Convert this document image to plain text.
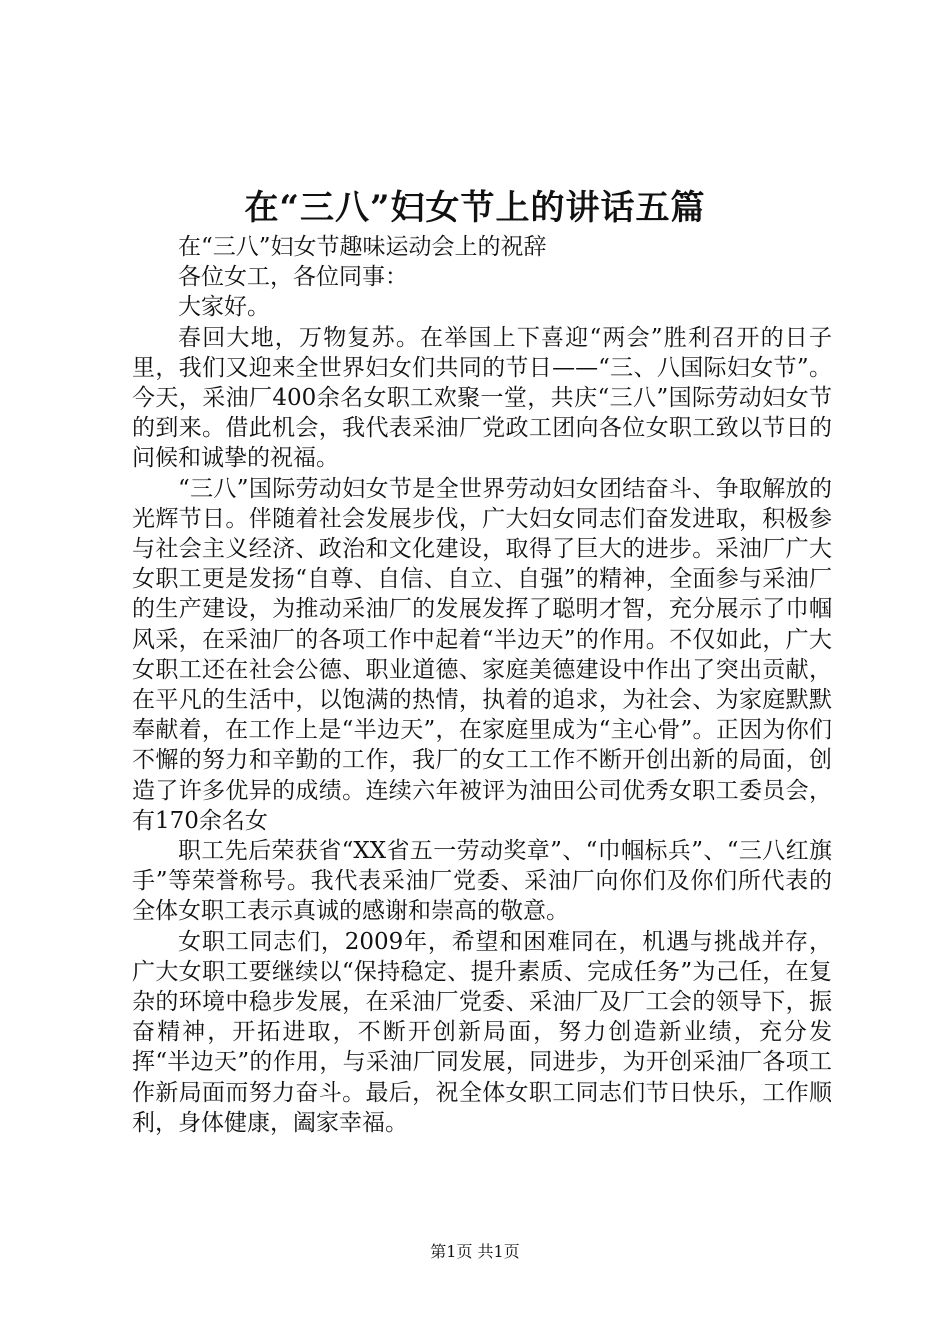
在“三八”妇女节上的讲话五篇

在“三八”妇女节趣味运动会上的祝辞

各位女工，各位同事：

大家好。

春回大地，万物复苏。在举国上下喜迎“两会”胜利召开的日子里，我们又迎来全世界妇女们共同的节日——“三、八国际妇女节”。今天，采油厂400余名女职工欢聚一堂，共庆“三八”国际劳动妇女节的到来。借此机会，我代表采油厂党政工团向各位女职工致以节日的问候和诚挚的祝福。

“三八”国际劳动妇女节是全世界劳动妇女团结奋斗、争取解放的光辉节日。伴随着社会发展步伐，广大妇女同志们奋发进取，积极参与社会主义经济、政治和文化建设，取得了巨大的进步。采油厂广大女职工更是发扬“自尊、自信、自立、自强”的精神，全面参与采油厂的生产建设，为推动采油厂的发展发挥了聪明才智，充分展示了巾帼风采，在采油厂的各项工作中起着“半边天”的作用。不仅如此，广大女职工还在社会公德、职业道德、家庭美德建设中作出了突出贡献，在平凡的生活中，以饱满的热情，执着的追求，为社会、为家庭默默奉献着，在工作上是“半边天”，在家庭里成为“主心骨”。正因为你们不懈的努力和辛勤的工作，我厂的女工工作不断开创出新的局面，创造了许多优异的成绩。连续六年被评为油田公司优秀女职工委员会，有170余名女

职工先后荣获省“XX省五一劳动奖章”、“巾帼标兵”、“三八红旗手”等荣誉称号。我代表采油厂党委、采油厂向你们及你们所代表的全体女职工表示真诚的感谢和崇高的敬意。

女职工同志们，2009年，希望和困难同在，机遇与挑战并存，广大女职工要继续以“保持稳定、提升素质、完成任务”为己任，在复杂的环境中稳步发展，在采油厂党委、采油厂及厂工会的领导下，振奋精神，开拓进取，不断开创新局面，努力创造新业绩，充分发挥“半边天”的作用，与采油厂同发展，同进步，为开创采油厂各项工作新局面而努力奋斗。最后，祝全体女职工同志们节日快乐，工作顺利，身体健康，阖家幸福。

第1页 共1页
